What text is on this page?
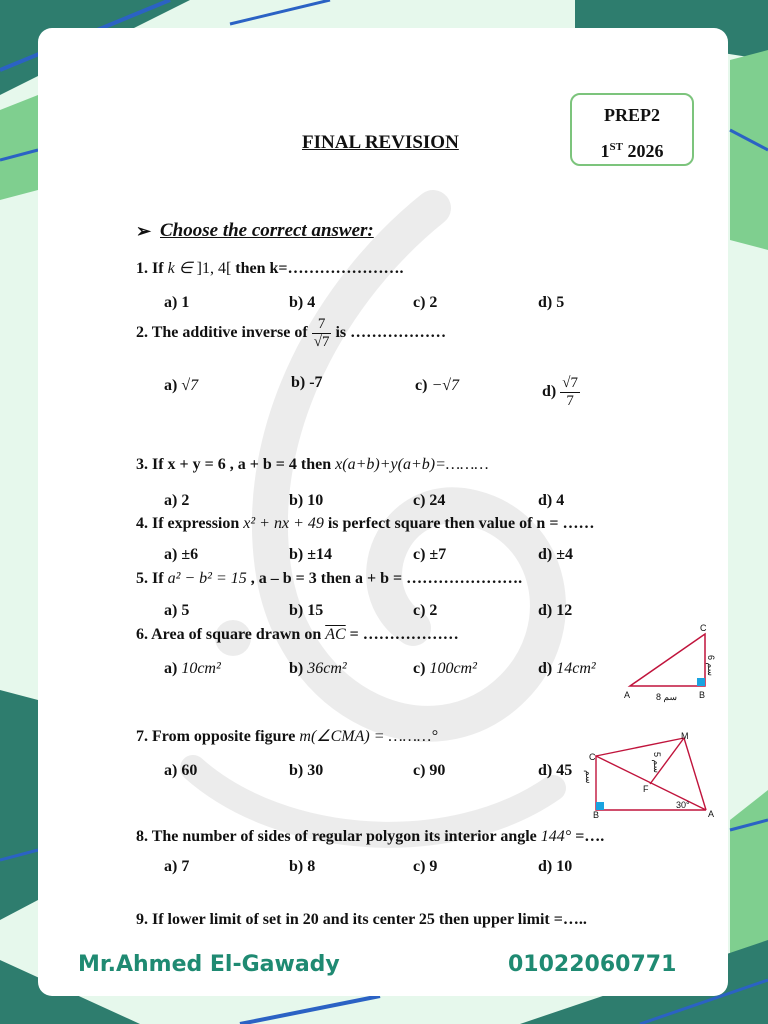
PREP2
1ST 2026
FINAL REVISION
Choose the correct answer:
➢
1. If k ∈ ]1, 4[ then k=………………….
a) 1	b) 4	c) 2	d) 5
2. The additive inverse of $\frac{7}{√7}$ is ………………
a) √7	b) -7	c) −√7	$d) \frac{√7}{7}$
3. If x + y = 6 , a + b = 4 then x(a+b)+y(a+b)=………
a) 2	b) 10	c) 24	d) 4
4. If expression x² + nx + 49 is perfect square then value of n = ……
a) ±6	b) ±14	c) ±7	d) ±4
5. If a² − b² = 15 , a – b = 3 then a + b = ………………….
a) 5	b) 15	c) 2	d) 12
6. Area of square drawn on $\overline{AC}$ = ………………
a) 10cm²	b) 36cm²	c) 100cm²	d) 14cm²
C
A	B
8 سم
6 سم
7. From opposite figure m(∠CMA) = ………°
a) 60	b) 30	c) 90	d) 45
C
M
B	A
F
سم
5 سم
30°
8. The number of sides of regular polygon its interior angle 144° =….
a) 7	b) 8	c) 9	d) 10
9. If lower limit of set in 20 and its center 25 then upper limit =…..
Mr.Ahmed El-Gawady	01022060771
